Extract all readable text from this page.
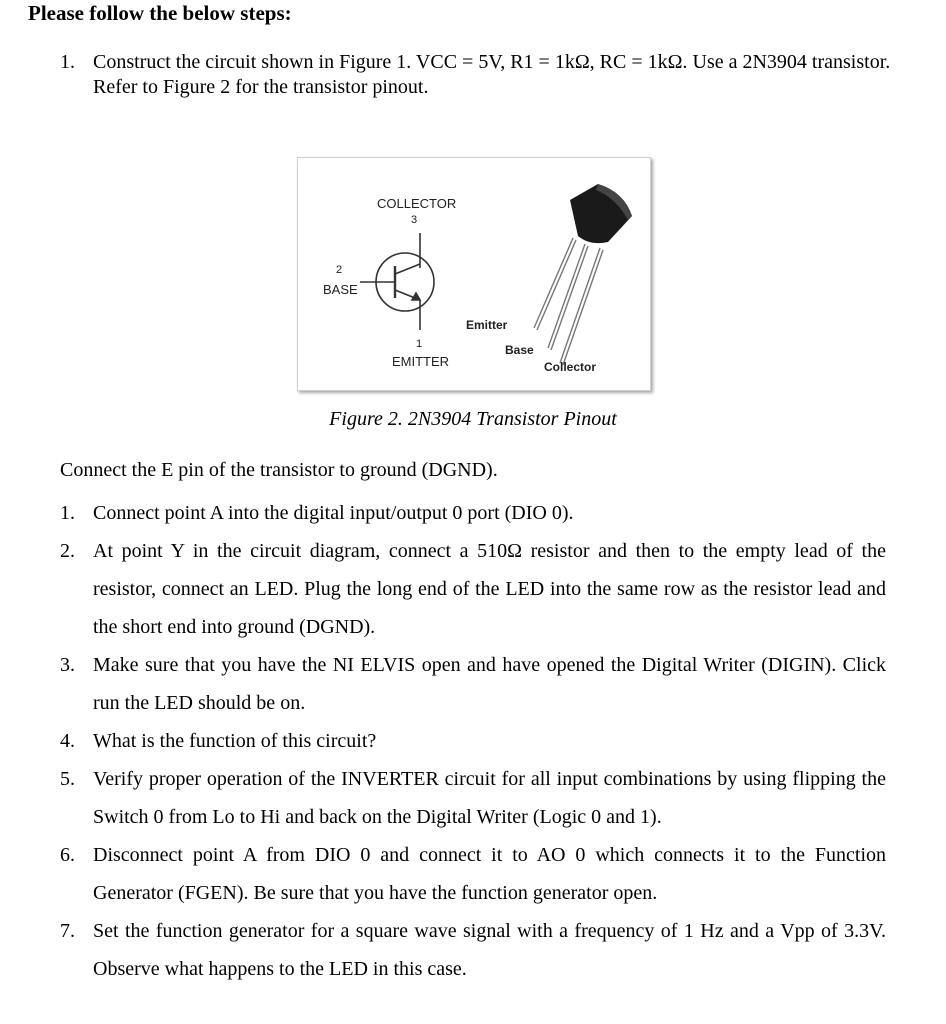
Please follow the below steps:
1. Construct the circuit shown in Figure 1. VCC = 5V, R1 = 1kΩ, RC = 1kΩ. Use a 2N3904 transistor. Refer to Figure 2 for the transistor pinout.
COLLECTOR
3
2
BASE
1
EMITTER
Emitter
Base
Collector
Figure 2. 2N3904 Transistor Pinout
Connect the E pin of the transistor to ground (DGND).
1. Connect point A into the digital input/output 0 port (DIO 0).
2. At point Y in the circuit diagram, connect a 510Ω resistor and then to the empty lead of the resistor, connect an LED. Plug the long end of the LED into the same row as the resistor lead and the short end into ground (DGND).
3. Make sure that you have the NI ELVIS open and have opened the Digital Writer (DIGIN). Click run the LED should be on.
4. What is the function of this circuit?
5. Verify proper operation of the INVERTER circuit for all input combinations by using flipping the Switch 0 from Lo to Hi and back on the Digital Writer (Logic 0 and 1).
6. Disconnect point A from DIO 0 and connect it to AO 0 which connects it to the Function Generator (FGEN). Be sure that you have the function generator open.
7. Set the function generator for a square wave signal with a frequency of 1 Hz and a Vpp of 3.3V. Observe what happens to the LED in this case.
